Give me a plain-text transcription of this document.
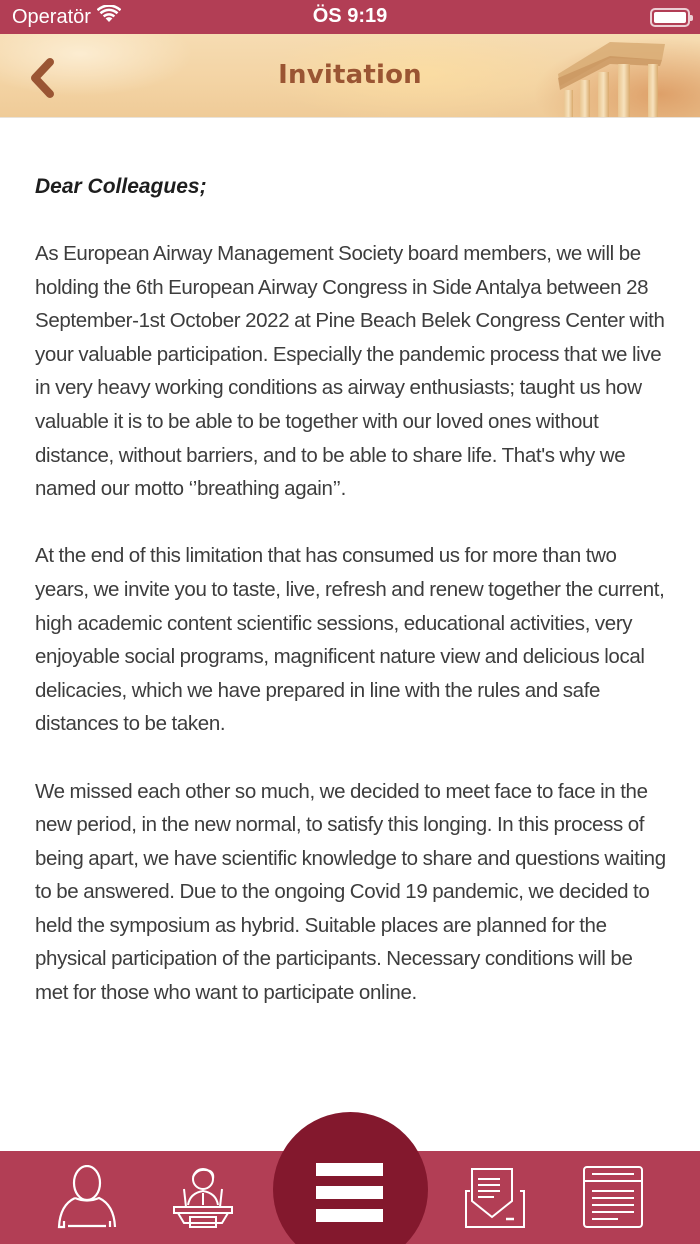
Operatör	ÖS 9:19
Invitation
Dear Colleagues;

As European Airway Management Society board members, we will be holding the 6th European Airway Congress in Side Antalya between 28 September-1st October 2022 at Pine Beach Belek Congress Center with your valuable participation. Especially the pandemic process that we live in very heavy working conditions as airway enthusiasts; taught us how valuable it is to be able to be together with our loved ones without distance, without barriers, and to be able to share life. That's why we named our motto ‘’breathing again’’.

At the end of this limitation that has consumed us for more than two years, we invite you to taste, live, refresh and renew together the current, high academic content scientific sessions, educational activities, very enjoyable social programs, magnificent nature view and delicious local delicacies, which we have prepared in line with the rules and safe distances to be taken.

We missed each other so much, we decided to meet face to face in the new period, in the new normal, to satisfy this longing. In this process of being apart, we have scientific knowledge to share and questions waiting to be answered. Due to the ongoing Covid 19 pandemic, we decided to held the symposium as hybrid. Suitable places are planned for the physical participation of the participants. Necessary conditions will be met for those who want to participate online.
